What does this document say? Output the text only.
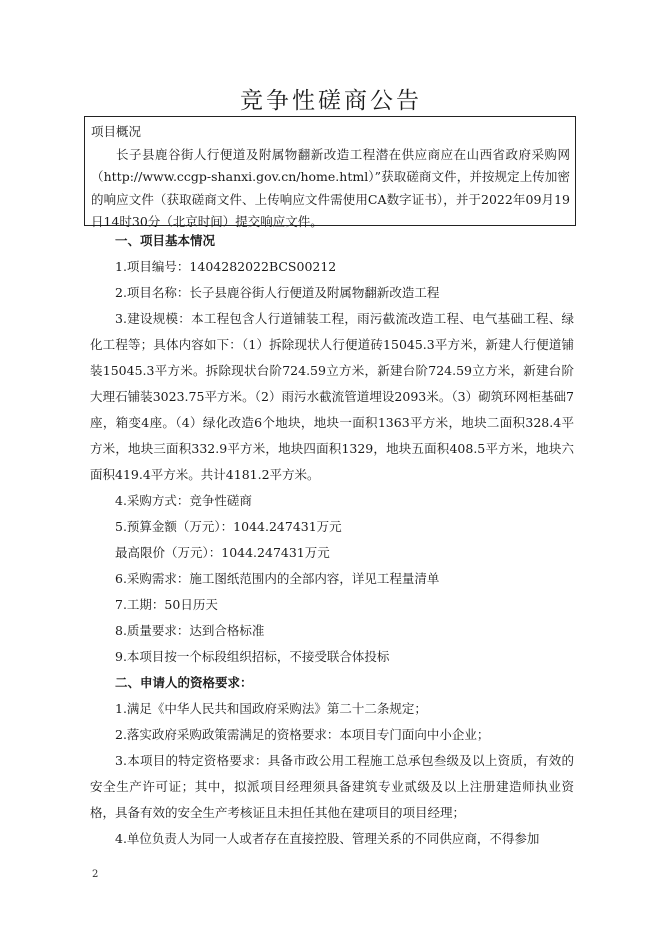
竞争性磋商公告
项目概况
长子县鹿谷街人行便道及附属物翻新改造工程潜在供应商应在山西省政府采购网（http://www.ccgp-shanxi.gov.cn/home.html）”获取磋商文件，并按规定上传加密的响应文件（获取磋商文件、上传响应文件需使用CA数字证书），并于2022年09月19日14时30分（北京时间）提交响应文件。

一、项目基本情况

1.项目编号：1404282022BCS00212

2.项目名称：长子县鹿谷街人行便道及附属物翻新改造工程

3.建设规模：本工程包含人行道铺装工程，雨污截流改造工程、电气基础工程、绿化工程等；具体内容如下：（1）拆除现状人行便道砖15045.3平方米，新建人行便道铺装15045.3平方米。拆除现状台阶724.59立方米，新建台阶724.59立方米，新建台阶大理石铺装3023.75平方米。（2）雨污水截流管道埋设2093米。（3）砌筑环网柜基础7座，箱变4座。（4）绿化改造6个地块，地块一面积1363平方米，地块二面积328.4平方米，地块三面积332.9平方米，地块四面积1329，地块五面积408.5平方米，地块六面积419.4平方米。共计4181.2平方米。

4.采购方式：竞争性磋商

5.预算金额（万元）：1044.247431万元

最高限价（万元）：1044.247431万元

6.采购需求：施工图纸范围内的全部内容，详见工程量清单

7.工期：50日历天

8.质量要求：达到合格标准

9.本项目按一个标段组织招标，不接受联合体投标

二、申请人的资格要求：

1.满足《中华人民共和国政府采购法》第二十二条规定；

2.落实政府采购政策需满足的资格要求：本项目专门面向中小企业；

3.本项目的特定资格要求：具备市政公用工程施工总承包叁级及以上资质，有效的安全生产许可证；其中，拟派项目经理须具备建筑专业贰级及以上注册建造师执业资格，具备有效的安全生产考核证且未担任其他在建项目的项目经理；

4.单位负责人为同一人或者存在直接控股、管理关系的不同供应商，不得参加

2
